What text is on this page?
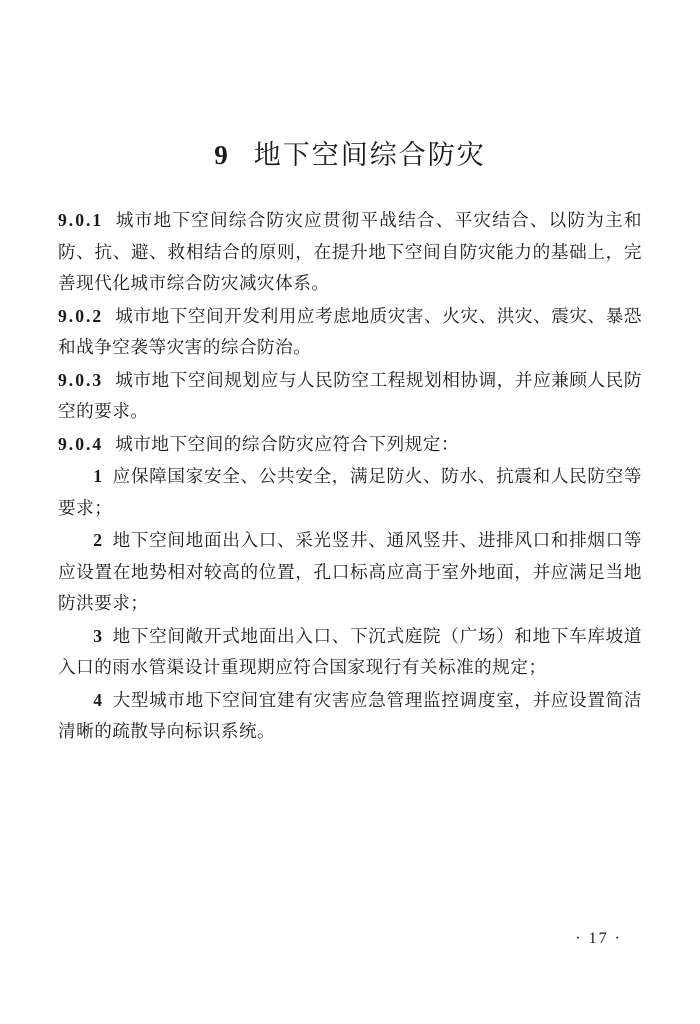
9 地下空间综合防灾

9.0.1 城市地下空间综合防灾应贯彻平战结合、平灾结合、以防为主和防、抗、避、救相结合的原则，在提升地下空间自防灾能力的基础上，完善现代化城市综合防灾减灾体系。

9.0.2 城市地下空间开发利用应考虑地质灾害、火灾、洪灾、震灾、暴恐和战争空袭等灾害的综合防治。

9.0.3 城市地下空间规划应与人民防空工程规划相协调，并应兼顾人民防空的要求。

9.0.4 城市地下空间的综合防灾应符合下列规定：

1 应保障国家安全、公共安全，满足防火、防水、抗震和人民防空等要求；

2 地下空间地面出入口、采光竖井、通风竖井、进排风口和排烟口等应设置在地势相对较高的位置，孔口标高应高于室外地面，并应满足当地防洪要求；

3 地下空间敞开式地面出入口、下沉式庭院（广场）和地下车库坡道入口的雨水管渠设计重现期应符合国家现行有关标准的规定；

4 大型城市地下空间宜建有灾害应急管理监控调度室，并应设置简洁清晰的疏散导向标识系统。

· 17 ·
